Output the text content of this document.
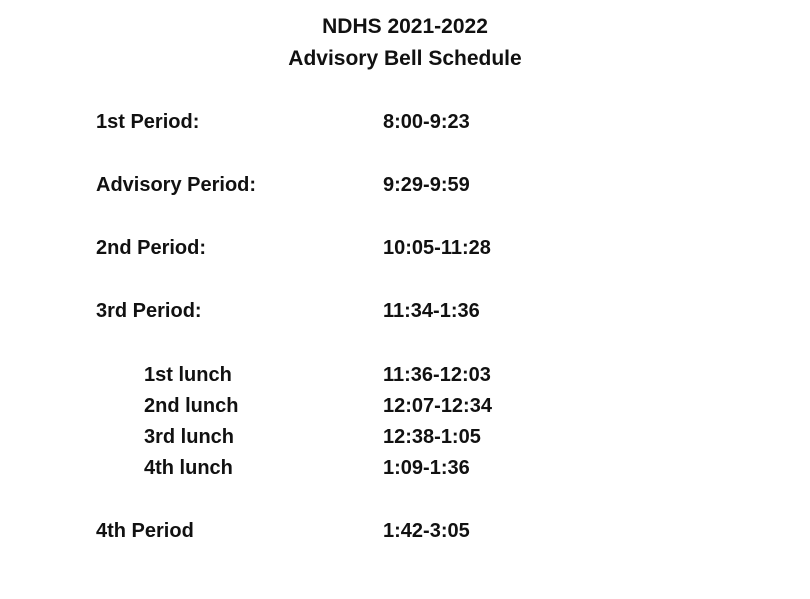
NDHS 2021-2022
Advisory Bell Schedule
1st Period:	8:00-9:23
Advisory Period:	9:29-9:59
2nd Period:	10:05-11:28
3rd Period:	11:34-1:36
1st lunch	11:36-12:03
2nd lunch	12:07-12:34
3rd lunch	12:38-1:05
4th lunch	1:09-1:36
4th Period	1:42-3:05
